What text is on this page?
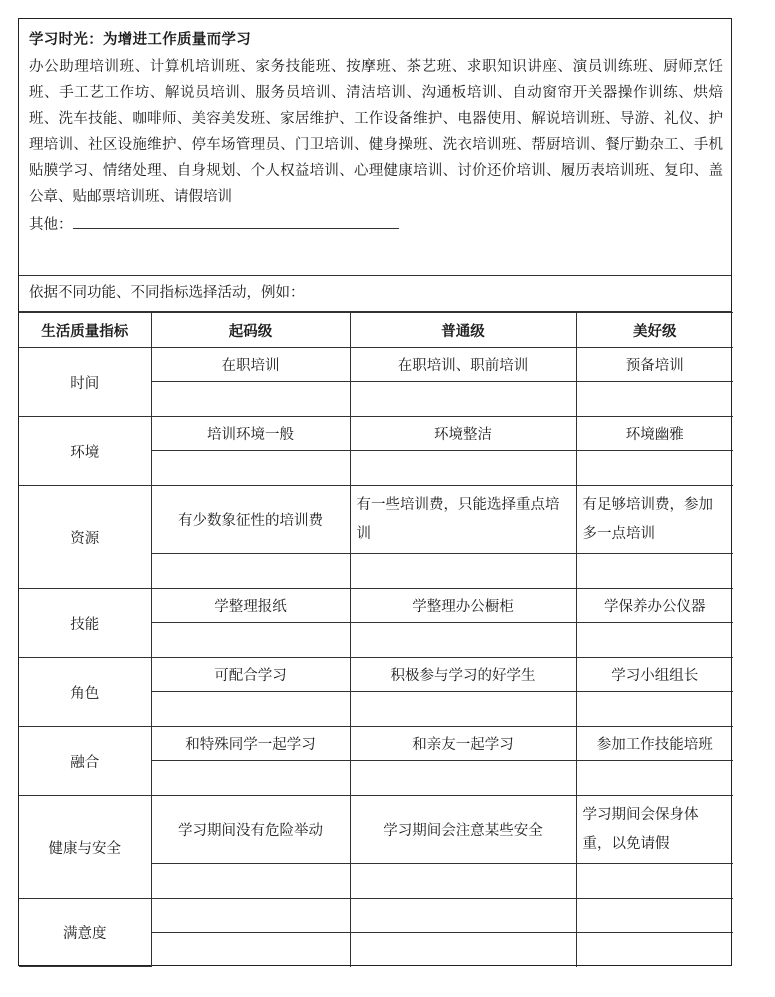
学习时光：为增进工作质量而学习
办公助理培训班、计算机培训班、家务技能班、按摩班、茶艺班、求职知识讲座、演员训练班、厨师烹饪班、手工艺工作坊、解说员培训、服务员培训、清洁培训、沟通板培训、自动窗帘开关器操作训练、烘焙班、洗车技能、咖啡师、美容美发班、家居维护、工作设备维护、电器使用、解说培训班、导游、礼仪、护理培训、社区设施维护、停车场管理员、门卫培训、健身操班、洗衣培训班、帮厨培训、餐厅勤杂工、手机贴膜学习、情绪处理、自身规划、个人权益培训、心理健康培训、讨价还价培训、履历表培训班、复印、盖公章、贴邮票培训班、请假培训
其他：
依据不同功能、不同指标选择活动，例如：
生活质量指标	起码级	普通级	美好级
时间	在职培训	在职培训、职前培训	预备培训

环境	培训环境一般	环境整洁	环境幽雅

资源	有少数象征性的培训费	有一些培训费，只能选择重点培训	有足够培训费，参加多一点培训

技能	学整理报纸	学整理办公橱柜	学保养办公仪器

角色	可配合学习	积极参与学习的好学生	学习小组组长

融合	和特殊同学一起学习	和亲友一起学习	参加工作技能培班

健康与安全	学习期间没有危险举动	学习期间会注意某些安全	学习期间会保身体重，以免请假

满意度			
